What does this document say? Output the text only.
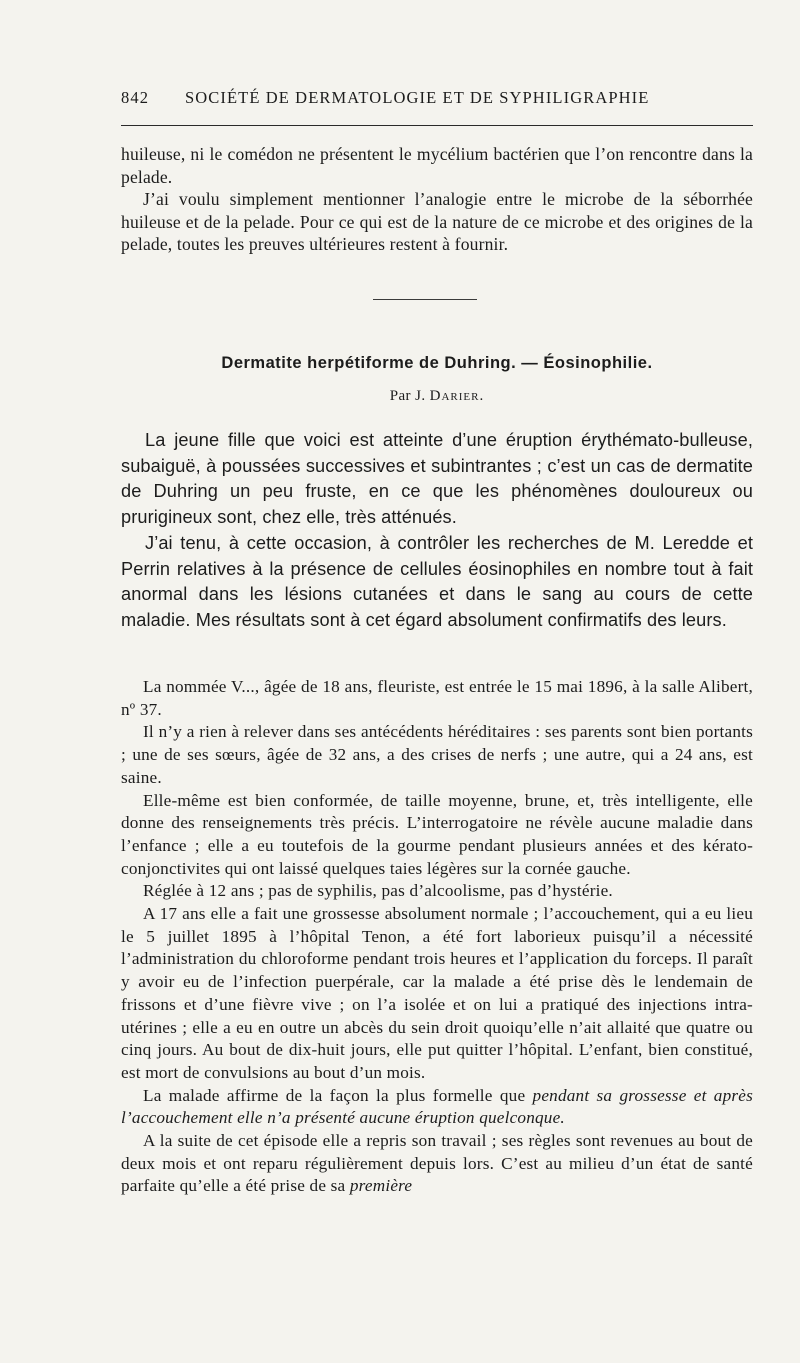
842 SOCIÉTÉ DE DERMATOLOGIE ET DE SYPHILIGRAPHIE

huileuse, ni le comédon ne présentent le mycélium bactérien que l’on rencontre dans la pelade.

J’ai voulu simplement mentionner l’analogie entre le microbe de la séborrhée huileuse et de la pelade. Pour ce qui est de la nature de ce microbe et des origines de la pelade, toutes les preuves ultérieures restent à fournir.

Dermatite herpétiforme de Duhring. — Éosinophilie.
Par J. Darier.

La jeune fille que voici est atteinte d’une éruption érythémato-bulleuse, subaiguë, à poussées successives et subintrantes ; c’est un cas de dermatite de Duhring un peu fruste, en ce que les phénomènes douloureux ou prurigineux sont, chez elle, très atténués.

J’ai tenu, à cette occasion, à contrôler les recherches de M. Leredde et Perrin relatives à la présence de cellules éosinophiles en nombre tout à fait anormal dans les lésions cutanées et dans le sang au cours de cette maladie. Mes résultats sont à cet égard absolument confirmatifs des leurs.

La nommée V..., âgée de 18 ans, fleuriste, est entrée le 15 mai 1896, à la salle Alibert, nº 37.

Il n’y a rien à relever dans ses antécédents héréditaires : ses parents sont bien portants ; une de ses sœurs, âgée de 32 ans, a des crises de nerfs ; une autre, qui a 24 ans, est saine.

Elle-même est bien conformée, de taille moyenne, brune, et, très intelligente, elle donne des renseignements très précis. L’interrogatoire ne révèle aucune maladie dans l’enfance ; elle a eu toutefois de la gourme pendant plusieurs années et des kérato-conjonctivites qui ont laissé quelques taies légères sur la cornée gauche.

Réglée à 12 ans ; pas de syphilis, pas d’alcoolisme, pas d’hystérie.

A 17 ans elle a fait une grossesse absolument normale ; l’accouchement, qui a eu lieu le 5 juillet 1895 à l’hôpital Tenon, a été fort laborieux puisqu’il a nécessité l’administration du chloroforme pendant trois heures et l’application du forceps. Il paraît y avoir eu de l’infection puerpérale, car la malade a été prise dès le lendemain de frissons et d’une fièvre vive ; on l’a isolée et on lui a pratiqué des injections intra-utérines ; elle a eu en outre un abcès du sein droit quoiqu’elle n’ait allaité que quatre ou cinq jours. Au bout de dix-huit jours, elle put quitter l’hôpital. L’enfant, bien constitué, est mort de convulsions au bout d’un mois.

La malade affirme de la façon la plus formelle que pendant sa grossesse et après l’accouchement elle n’a présenté aucune éruption quelconque.

A la suite de cet épisode elle a repris son travail ; ses règles sont revenues au bout de deux mois et ont reparu régulièrement depuis lors. C’est au milieu d’un état de santé parfaite qu’elle a été prise de sa première
